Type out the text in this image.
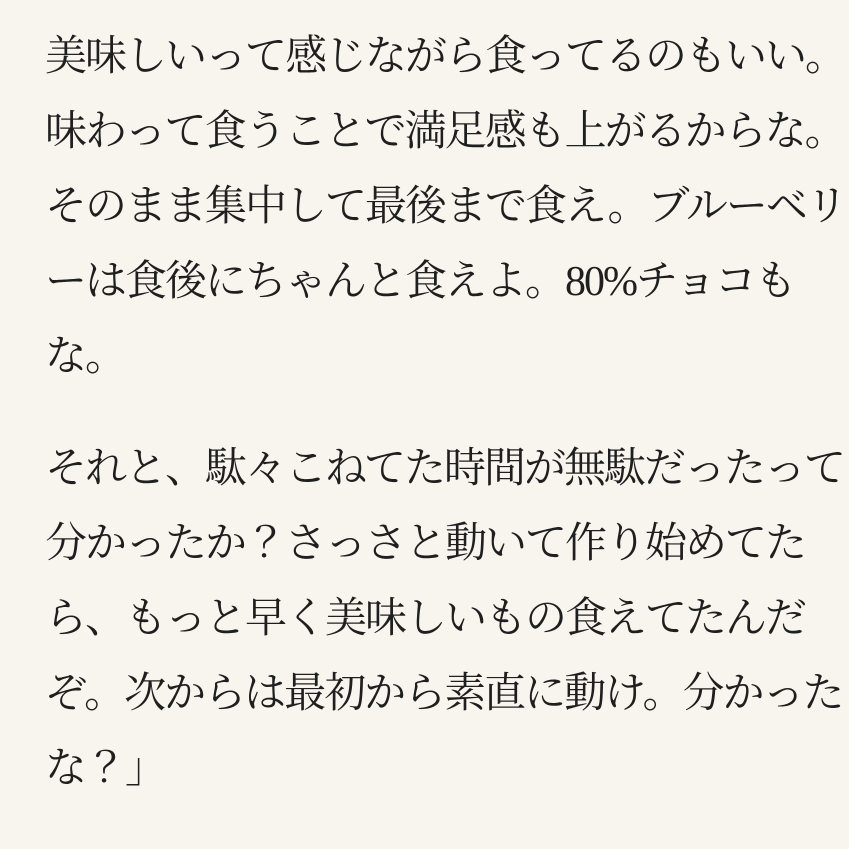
美味しいって感じながら食ってるのもいい。
味わって食うことで満足感も上がるからな。
そのまま集中して最後まで食え。ブルーベリ
ーは食後にちゃんと食えよ。80%チョコも
な。
それと、駄々こねてた時間が無駄だったって
分かったか？さっさと動いて作り始めてた
ら、もっと早く美味しいもの食えてたんだ
ぞ。次からは最初から素直に動け。分かった
な？」
